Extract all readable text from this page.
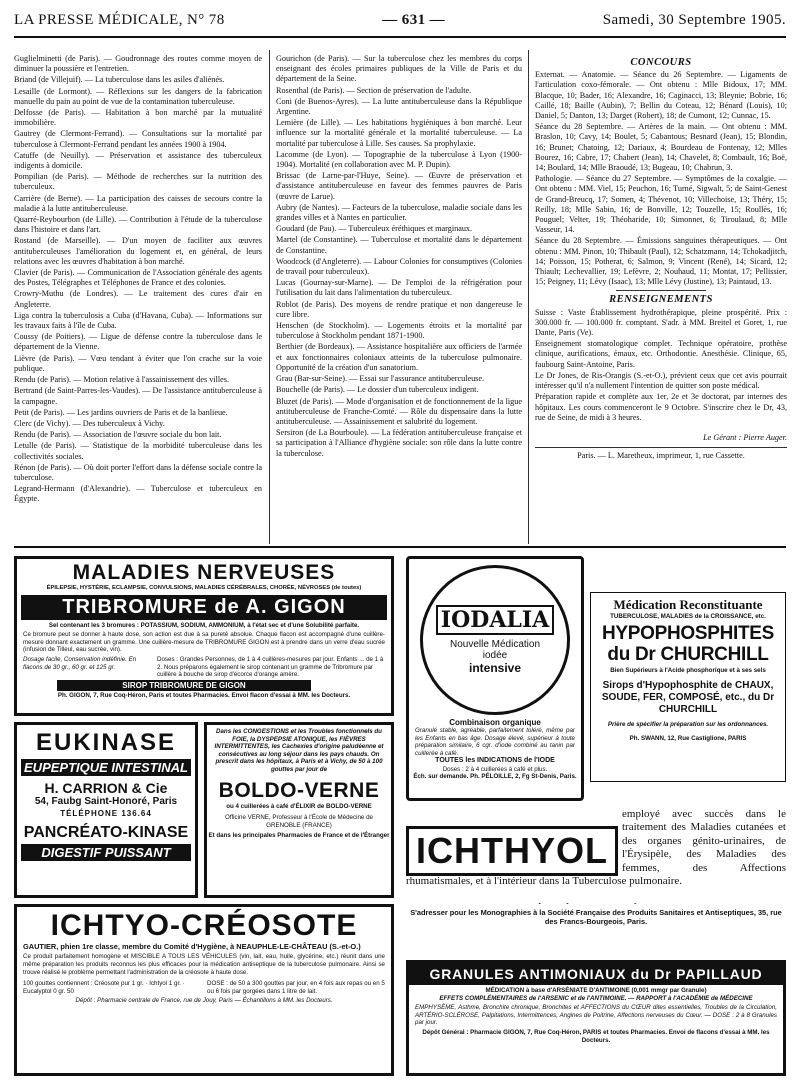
LA PRESSE MÉDICALE, N° 78	— 631 —	Samedi, 30 Septembre 1905.

Guglielminetti (de Paris). — Goudronnage des routes comme moyen de diminuer la poussière et l'entretien.

Briand (de Villejuif). — La tuberculose dans les asiles d'aliénés.

Lesaille (de Lormont). — Réflexions sur les dangers de la fabrication manuelle du pain au point de vue de la contamination tuberculeuse.

Delfosse (de Paris). — Habitation à bon marché par la mutualité immobilière.

Gautrey (de Clermont-Ferrand). — Consultations sur la mortalité par tuberculose à Clermont-Ferrand pendant les années 1900 à 1904.

Catuffe (de Neuilly). — Préservation et assistance des tuberculeux indigents à domicile.

Pompilian (de Paris). — Méthode de recherches sur la nutrition des tuberculeux.

Carrière (de Berne). — La participation des caisses de secours contre la maladie à la lutte antituberculeuse.

Quarré-Reybourbon (de Lille). — Contribution à l'étude de la tuberculose dans l'histoire et dans l'art.

Rostand (de Marseille). — D'un moyen de faciliter aux œuvres antituberculeuses l'amélioration du logement et, en général, de leurs relations avec les œuvres d'habitation à bon marché.

Clavier (de Paris). — Communication de l'Association générale des agents des Postes, Télégraphes et Téléphones de France et des colonies.

Crowry-Muthu (de Londres). — Le traitement des cures d'air en Angleterre.

Liga contra la tuberculosis a Cuba (d'Havana, Cuba). — Informations sur les travaux faits à l'île de Cuba.

Coussy (de Poitiers). — Ligue de défense contre la tuberculose dans le département de la Vienne.

Lièvre (de Paris). — Vœu tendant à éviter que l'on crache sur la voie publique.

Rendu (de Paris). — Motion relative à l'assainissement des villes.

Bertrand (de Saint-Parres-les-Vaudes). — De l'assistance antituberculeuse à la campagne.

Petit (de Paris). — Les jardins ouvriers de Paris et de la banlieue.

Clerc (de Vichy). — Des tuberculeux à Vichy.

Rendu (de Paris). — Association de l'œuvre sociale du bon lait.

Letulle (de Paris). — Statistique de la morbidité tuberculeuse dans les collectivités sociales.

Rénon (de Paris). — Où doit porter l'effort dans la défense sociale contre la tuberculose.

Legrand-Hermann (d'Alexandrie). — Tuberculose et tuberculeux en Égypte.

Gourichon (de Paris). — Sur la tuberculose chez les membres du corps enseignant des écoles primaires publiques de la Ville de Paris et du département de la Seine.

Rosenthal (de Paris). — Section de préservation de l'adulte.

Coni (de Buenos-Ayres). — La lutte antituberculeuse dans la République Argentine.

Lemière (de Lille). — Les habitations hygiéniques à bon marché. Leur influence sur la mortalité générale et la mortalité tuberculeuse. — La mortalité par tuberculose à Lille. Ses causes. Sa prophylaxie.

Lacomme (de Lyon). — Topographie de la tuberculose à Lyon (1900-1904). Mortalité (en collaboration avec M. P. Dupin).

Brissac (de Larne-par-l'Huye, Seine). — Œuvre de préservation et d'assistance antituberculeuse en faveur des femmes pauvres de Paris (œuvre de Larue).

Aubry (de Nantes). — Facteurs de la tuberculose, maladie sociale dans les grandes villes et à Nantes en particulier.

Goudard (de Pau). — Tuberculeux éréthiques et marginaux.

Martel (de Constantine). — Tuberculose et mortalité dans le département de Constantine.

Woodcock (d'Angleterre). — Labour Colonies for consumptives (Colonies de travail pour tuberculeux).

Lucas (Gournay-sur-Marne). — De l'emploi de la réfrigération pour l'utilisation du lait dans l'alimentation du tuberculeux.

Roblot (de Paris). Des moyens de rendre pratique et non dangereuse le cure libre.

Henschen (de Stockholm). — Logements étroits et la mortalité par tuberculose à Stockholm pendant 1871-1900.

Berthier (de Bordeaux). — Assistance hospitalière aux officiers de l'armée et aux fonctionnaires coloniaux atteints de la tuberculose pulmonaire. Opportunité de la création d'un sanatorium.

Grau (Bar-sur-Seine). — Essai sur l'assurance antituberculeuse.

Bouchelle (de Paris). — Le dossier d'un tuberculeux indigent.

Bluzet (de Paris). — Mode d'organisation et de fonctionnement de la ligue antituberculeuse de Franche-Comté. — Rôle du dispensaire dans la lutte antituberculeuse. — Assainissement et salubrité du logement.

Sersiron (de La Bourboule). — La fédération antituberculeuse française et sa participation à l'Alliance d'hygiène sociale: son rôle dans la lutte contre la tuberculose.

CONCOURS

Externat. — Anatomie. — Séance du 26 Septembre. — Ligaments de l'articulation coxo-fémorale. — Ont obtenu : Mlle Bidoux, 17; MM. Blacque, 10; Bader, 16; Alexandre, 16; Caginacci, 13; Bleynie; Bobrie, 16; Caillé, 18; Baille (Aubin), 7; Bellin du Coteau, 12; Bénard (Louis), 10; Daniel, 5; Danton, 13; Darget (Robert), 18; de Cumont, 12; Cunnac, 15.

Séance du 28 Septembre. — Artères de la main. — Ont obtenu : MM. Braslon, 10; Cavy, 14; Boulet, 5; Cabantous; Besnard (Jean), 15; Blondin, 16; Brunet; Chatoing, 12; Dariaux, 4; Bourdeau de Fontenay, 12; Mlles Bourez, 16; Cabre, 17; Chabert (Jean), 14; Chavelet, 8; Combault, 16; Boë, 14; Boulard, 14; Mlle Braoudé, 13; Bugeau, 10; Chabrun, 3.

Pathologie. — Séance du 27 Septembre. — Symptômes de la coxalgie. — Ont obtenu : MM. Viel, 15; Peuchon, 16; Turné, Sigwalt, 5; de Saint-Genest de Grand-Breucq, 17; Somen, 4; Thévenot, 10; Villechoise, 13; Théry, 15; Reilly, 18; Mlle Sabin, 16; de Bonville, 12; Touzelle, 15; Roullès, 16; Pouguel; Velter, 19; Théoharide, 10; Simonnet, 6; Tiroulaud, 8; Mlle Vasseur, 14.

Séance du 28 Septembre. — Émissions sanguines thérapeutiques. — Ont obtenu : MM. Pinon, 10; Thibault (Paul), 12; Schatzmann, 14; Tchokadjitch, 14; Poisson, 15; Potherat, 6; Salmon, 9; Vincent (René), 14; Sicard, 12; Thiault; Lechevallier, 19; Lefèvre, 2; Nouhaud, 11; Montat, 17; Pellissier, 15; Peigney, 11; Lévy (Isaac), 13; Mlle Lévy (Justine), 13; Paintaud, 13.

RENSEIGNEMENTS

Suisse : Vaste Établissement hydrothérapique, pleine prospérité. Prix : 300.000 fr. — 100.000 fr. comptant. S'adr. à MM. Breitel et Goret, 1, rue Dante, Paris (Ve).

Enseignement stomatologique complet. Technique opératoire, prothèse clinique, aurifications, émaux, etc. Orthodontie. Anesthésie. Clinique, 65, faubourg Saint-Antoine, Paris.

Le Dr Jones, de Ris-Orangis (S.-et-O.), prévient ceux que cet avis pourrait intéresser qu'il n'a nullement l'intention de quitter son poste médical.

Préparation rapide et complète aux 1er, 2e et 3e doctorat, par internes des hôpitaux. Les cours commenceront le 9 Octobre. S'inscrire chez le Dr, 43, rue de Seine, de midi à 3 heures.

Le Gérant : Pierre Auger.
Paris. — L. Maretheux, imprimeur, 1, rue Cassette.
MALADIES NERVEUSES
ÉPILEPSIE, HYSTÉRIE, ECLAMPSIE, CONVULSIONS, MALADIES CÉRÉBRALES, CHORÉE, NÉVROSES (de toutes)
TRIBROMURE de A. GIGON
Sel contenant les 3 bromures : POTASSIUM, SODIUM, AMMONIUM, à l'état sec et d'une Solubilité parfaite.
Ce bromure peut se donner à haute dose, son action est due à sa pureté absolue. Chaque flacon est accompagné d'une cuillère-mesure donnant exactement un gramme. Une cuillère-mesure de TRIBROMURE GIGON est à prendre dans un verre d'eau sucrée (infusion de Tilleul, eau sucrée, vin).
Dosage facile, Conservation indéfinie. En flacons de 30 gr., 60 gr. et 125 gr.
Doses : Grandes Personnes, de 1 à 4 cuillères-mesures par jour. Enfants ... de 1 à 2. Nous préparons également le sirop contenant un gramme de Tribromure par cuillère à bouche de sirop d'écorce d'orange amère.
SIROP TRIBROMURE DE GIGON
Ph. GIGON, 7, Rue Coq-Héron, Paris et toutes Pharmacies. Envoi flacon d'essai à MM. les Docteurs.
IODALIA
Nouvelle Médication
iodée
intensive
Combinaison organique
Granulé stable, agréable, parfaitement toléré, même par les Enfants en bas âge. Dosage élevé, supérieur à toute préparation similaire, 6 cgr. d'iode combiné au tanin par cuillerée à café.
TOUTES les INDICATIONS de l'IODE
Doses : 2 à 4 cuillerées à café et plus.
Éch. sur demande. Ph. PÉLOILLE, 2, Fg St-Denis, Paris.
Médication Reconstituante
TUBERCULOSE, MALADIES de la CROISSANCE, etc.
HYPOPHOSPHITES du Dr CHURCHILL
Bien Supérieurs à l'Acide phosphorique et à ses sels
Sirops d'Hypophosphite de CHAUX, SOUDE, FER, COMPOSÉ, etc., du Dr CHURCHILL
Prière de spécifier la préparation sur les ordonnances.
Ph. SWANN, 12, Rue Castiglione, PARIS
EUKINASE
EUPEPTIQUE INTESTINAL
H. CARRION & Cie
54, Faubg Saint-Honoré, Paris
TÉLÉPHONE 136.64
PANCRÉATO-KINASE
DIGESTIF PUISSANT
Dans les CONGESTIONS et les Troubles fonctionnels du FOIE, la DYSPEPSIE ATONIQUE, les FIÈVRES INTERMITTENTES, les Cachexies d'origine paludéenne et consécutives au long séjour dans les pays chauds. On prescrit dans les hôpitaux, à Paris et à Vichy, de 50 à 100 gouttes par jour de
BOLDO-VERNE
ou 4 cuillerées à café d'ÉLIXIR de BOLDO-VERNE
Officine VERNE, Professeur à l'École de Médecine de GRENOBLE (FRANCE)
Et dans les principales Pharmacies de France et de l'Étranger ICHTHYOL
employé avec succès dans le traitement des Maladies cutanées et des organes génito-urinaires, de l'Érysipèle, des Maladies des femmes, des Affections rhumatismales, et à l'intérieur dans la Tuberculose pulmonaire.
S'adresser pour les Monographies à la Société Française des Produits Sanitaires et Antiseptiques, 35, rue des Francs-Bourgeois, Paris.
ICHTYO-CRÉOSOTE
GAUTIER, phien 1re classe, membre du Comité d'Hygiène, à NEAUPHLE-LE-CHÂTEAU (S.-et-O.)
Ce produit parfaitement homogène et MISCIBLE A TOUS LES VÉHICULES (vin, lait, eau, huile, glycérine, etc.) réunit dans une même préparation les produits reconnus les plus efficaces pour la médication antiseptique de la tuberculose pulmonaire. Ainsi se trouve réalisé le problème permettant l'administration de la créosote à haute dose.
100 gouttes contiennent : Créosote pur 1 gr. · Ichtyol 1 gr. · Eucalyptol 0 gr. 50
DOSE : de 50 à 300 gouttes par jour, en 4 fois aux repas ou en 5 ou 6 fois par gorgées dans 1 litre de lait.
Dépôt : Pharmacie centrale de France, rue de Jouy, Paris — Échantillons à MM. les Docteurs.
GRANULES ANTIMONIAUX du Dr PAPILLAUD
MÉDICATION à base d'ARSÉNIATE D'ANTIMOINE (0,001 mmgr par Granule)
EFFETS COMPLÉMENTAIRES de l'ARSENIC et de l'ANTIMOINE. — RAPPORT à l'ACADÉMIE de MÉDECINE
EMPHYSÈME, Asthme, Bronchite chronique, Bronchites et AFFECTIONS du CŒUR dites essentielles, Troubles de la Circulation, ARTÉRIO-SCLÉROSE, Palpitations, Intermittences, Angines de Poitrine, Affections nerveuses du Cœur. — DOSE : 2 à 8 Granules par jour.
Dépôt Général : Pharmacie GIGON, 7, Rue Coq-Héron, PARIS et toutes Pharmacies. Envoi de flacons d'essai à MM. les Docteurs.
